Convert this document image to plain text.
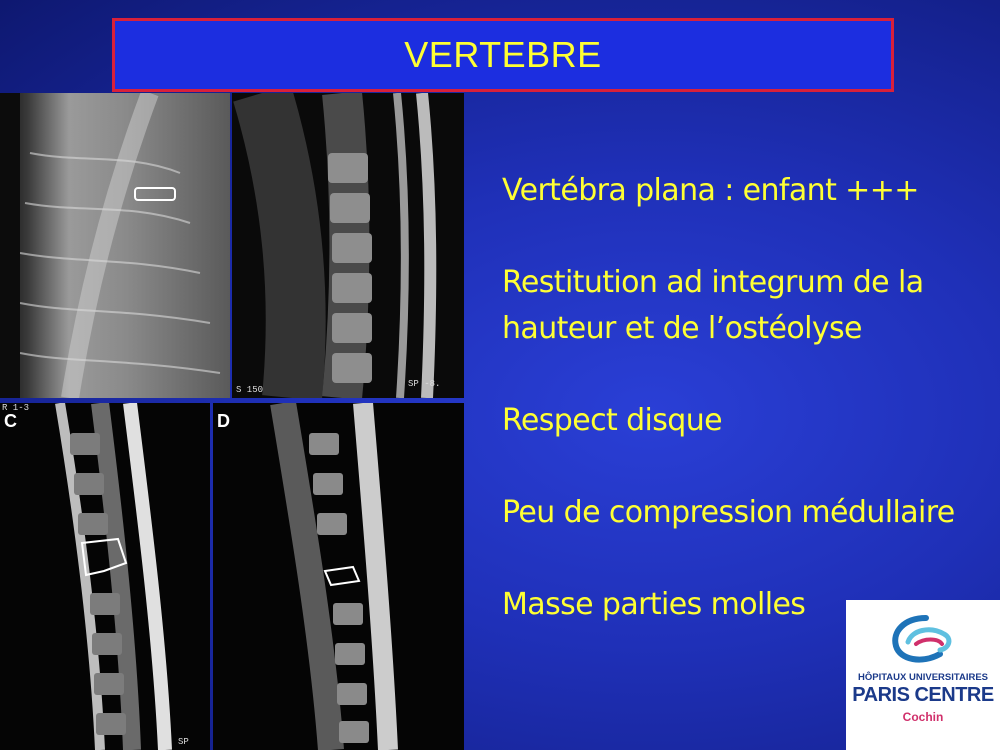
VERTEBRE
S 150
SP -8.
C
R 1-3
SP
D
Vertébra plana : enfant +++
Restitution ad integrum de la hauteur et de l’ostéolyse
Respect disque
Peu de compression médullaire
Masse parties molles
HÔPITAUX UNIVERSITAIRES
PARIS CENTRE
Cochin
